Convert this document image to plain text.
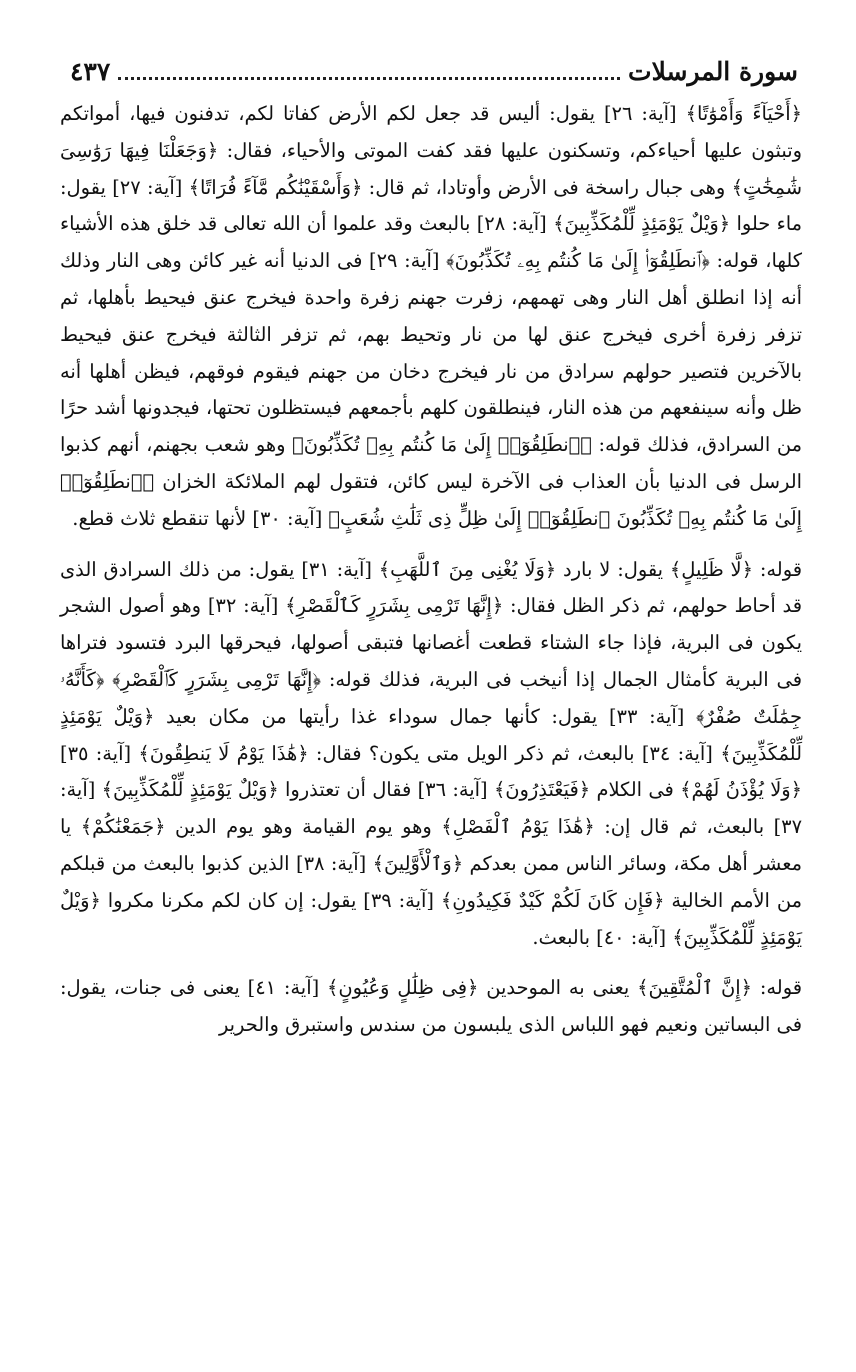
سورة المرسلات
٤٣٧

﴿أَحْيَآءً وَأَمْوَٰتًا﴾ [آية: ٢٦] يقول: أليس قد جعل لكم الأرض كفاتا لكم، تدفنون فيها، أمواتكم وتبثون عليها أحياءكم، وتسكنون عليها فقد كفت الموتى والأحياء، فقال: ﴿وَجَعَلْنَا فِيهَا رَوَٰسِىَ شَٰمِخَٰتٍ﴾ وهى جبال راسخة فى الأرض وأوتادا، ثم قال: ﴿وَأَسْقَيْنَٰكُم مَّآءً فُرَاتًا﴾ [آية: ٢٧] يقول: ماء حلوا ﴿وَيْلٌ يَوْمَئِذٍ لِّلْمُكَذِّبِينَ﴾ [آية: ٢٨] بالبعث وقد علموا أن الله تعالى قد خلق هذه الأشياء كلها، قوله: ﴿ٱنطَلِقُوٓا۟ إِلَىٰ مَا كُنتُم بِهِۦ تُكَذِّبُونَ﴾ [آية: ٢٩] فى الدنيا أنه غير كائن وهى النار وذلك أنه إذا انطلق أهل النار وهى تهمهم، زفرت جهنم زفرة واحدة فيخرج عنق فيحيط بأهلها، ثم تزفر زفرة أخرى فيخرج عنق لها من نار وتحيط بهم، ثم تزفر الثالثة فيخرج عنق فيحيط بالآخرين فتصير حولهم سرادق من نار فيخرج دخان من جهنم فيقوم فوقهم، فيظن أهلها أنه ظل وأنه سينفعهم من هذه النار، فينطلقون كلهم بأجمعهم فيستظلون تحتها، فيجدونها أشد حرًا من السرادق، فذلك قوله: ﴿ٱنطَلِقُوٓا۟ إِلَىٰ مَا كُنتُم بِهِۦ تُكَذِّبُونَ﴾ وهو شعب بجهنم، أنهم كذبوا الرسل فى الدنيا بأن العذاب فى الآخرة ليس كائن، فتقول لهم الملائكة الخزان ﴿ٱنطَلِقُوٓا۟ إِلَىٰ مَا كُنتُم بِهِۦ تُكَذِّبُونَ ٱنطَلِقُوٓا۟ إِلَىٰ ظِلٍّ ذِى ثَلَٰثِ شُعَبٍ﴾ [آية: ٣٠] لأنها تنقطع ثلاث قطع.

قوله: ﴿لَّا ظَلِيلٍ﴾ يقول: لا بارد ﴿وَلَا يُغْنِى مِنَ ٱللَّهَبِ﴾ [آية: ٣١] يقول: من ذلك السرادق الذى قد أحاط حولهم، ثم ذكر الظل فقال: ﴿إِنَّهَا تَرْمِى بِشَرَرٍ كَٱلْقَصْرِ﴾ [آية: ٣٢] وهو أصول الشجر يكون فى البرية، فإذا جاء الشتاء قطعت أغصانها فتبقى أصولها، فيحرقها البرد فتسود فتراها فى البرية كأمثال الجمال إذا أنيخب فى البرية، فذلك قوله: ﴿إِنَّهَا تَرْمِى بِشَرَرٍ كَٱلْقَصْرِ﴾ ﴿كَأَنَّهُۥ جِمَٰلَتٌ صُفْرٌ﴾ [آية: ٣٣] يقول: كأنها جمال سوداء غذا رأيتها من مكان بعيد ﴿وَيْلٌ يَوْمَئِذٍ لِّلْمُكَذِّبِينَ﴾ [آية: ٣٤] بالبعث، ثم ذكر الويل متى يكون؟ فقال: ﴿هَٰذَا يَوْمُ لَا يَنطِقُونَ﴾ [آية: ٣٥] ﴿وَلَا يُؤْذَنُ لَهُمْ﴾ فى الكلام ﴿فَيَعْتَذِرُونَ﴾ [آية: ٣٦] فقال أن تعتذروا ﴿وَيْلٌ يَوْمَئِذٍ لِّلْمُكَذِّبِينَ﴾ [آية: ٣٧] بالبعث، ثم قال إن: ﴿هَٰذَا يَوْمُ ٱلْفَصْلِ﴾ وهو يوم القيامة وهو يوم الدين ﴿جَمَعْنَٰكُمْ﴾ يا معشر أهل مكة، وسائر الناس ممن بعدكم ﴿وَٱلْأَوَّلِينَ﴾ [آية: ٣٨] الذين كذبوا بالبعث من قبلكم من الأمم الخالية ﴿فَإِن كَانَ لَكُمْ كَيْدٌ فَكِيدُونِ﴾ [آية: ٣٩] يقول: إن كان لكم مكرنا مكروا ﴿وَيْلٌ يَوْمَئِذٍ لِّلْمُكَذِّبِينَ﴾ [آية: ٤٠] بالبعث.

قوله: ﴿إِنَّ ٱلْمُتَّقِينَ﴾ يعنى به الموحدين ﴿فِى ظِلَٰلٍ وَعُيُونٍ﴾ [آية: ٤١] يعنى فى جنات، يقول: فى البساتين ونعيم فهو اللباس الذى يلبسون من سندس واستبرق والحرير
